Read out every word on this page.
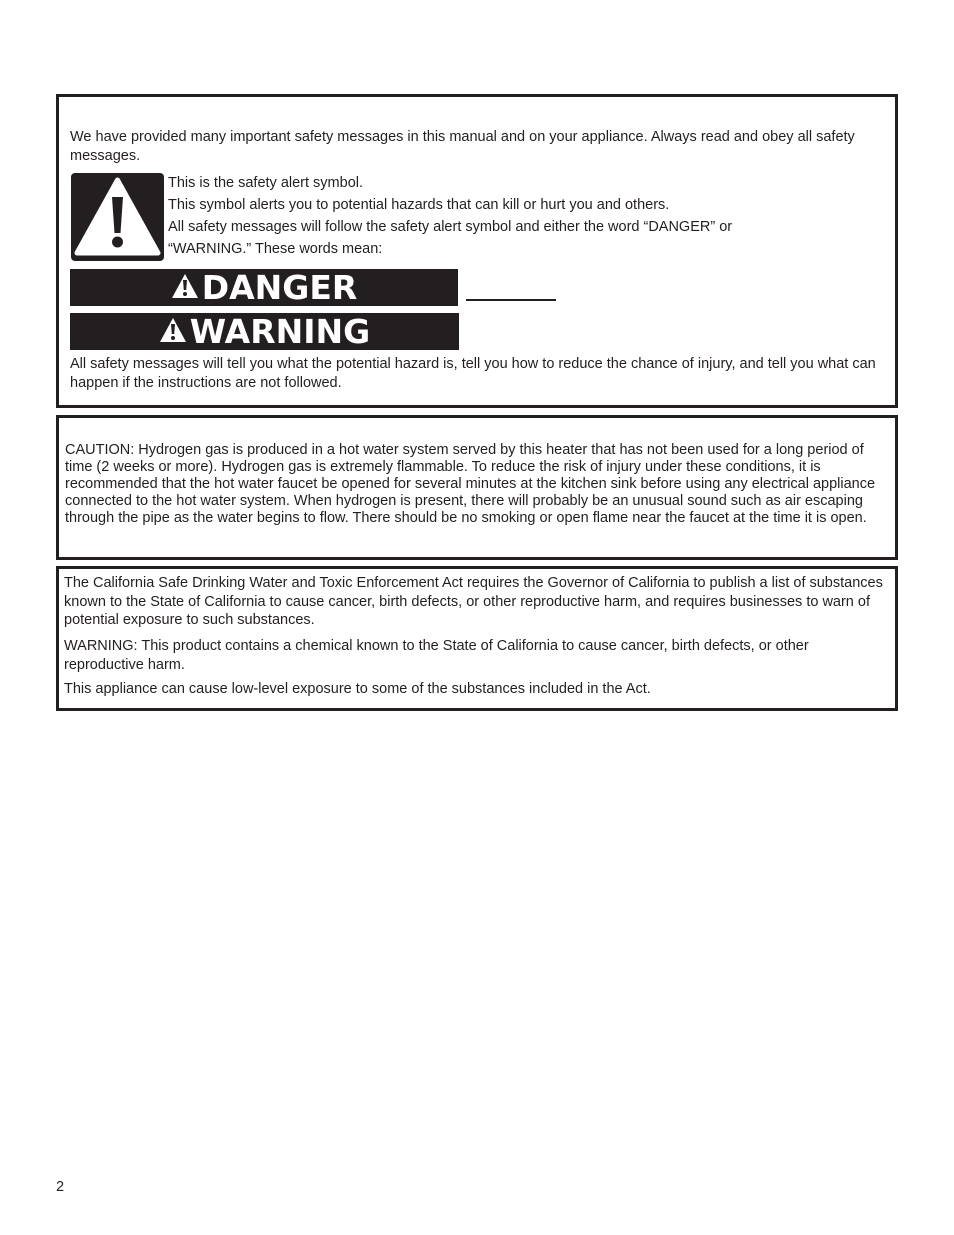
We have provided many important safety messages in this manual and on your appliance. Always read and obey all safety messages.

This is the safety alert symbol.

This symbol alerts you to potential hazards that can kill or hurt you and others.

All safety messages will follow the safety alert symbol and either the word “DANGER” or

“WARNING.” These words mean:

DANGER
WARNING

All safety messages will tell you what the potential hazard is, tell you how to reduce the chance of injury, and tell you what can happen if the instructions are not followed.

CAUTION: Hydrogen gas is produced in a hot water system served by this heater that has not been used for a long period of time (2 weeks or more). Hydrogen gas is extremely flammable. To reduce the risk of injury under these conditions, it is recommended that the hot water faucet be opened for several minutes at the kitchen sink before using any electrical appliance connected to the hot water system. When hydrogen is present, there will probably be an unusual sound such as air escaping through the pipe as the water begins to flow. There should be no smoking or open flame near the faucet at the time it is open.

The California Safe Drinking Water and Toxic Enforcement Act requires the Governor of California to publish a list of substances known to the State of California to cause cancer, birth defects, or other reproductive harm, and requires businesses to warn of potential exposure to such substances.

WARNING: This product contains a chemical known to the State of California to cause cancer, birth defects, or other reproductive harm.

This appliance can cause low-level exposure to some of the substances included in the Act.

2
